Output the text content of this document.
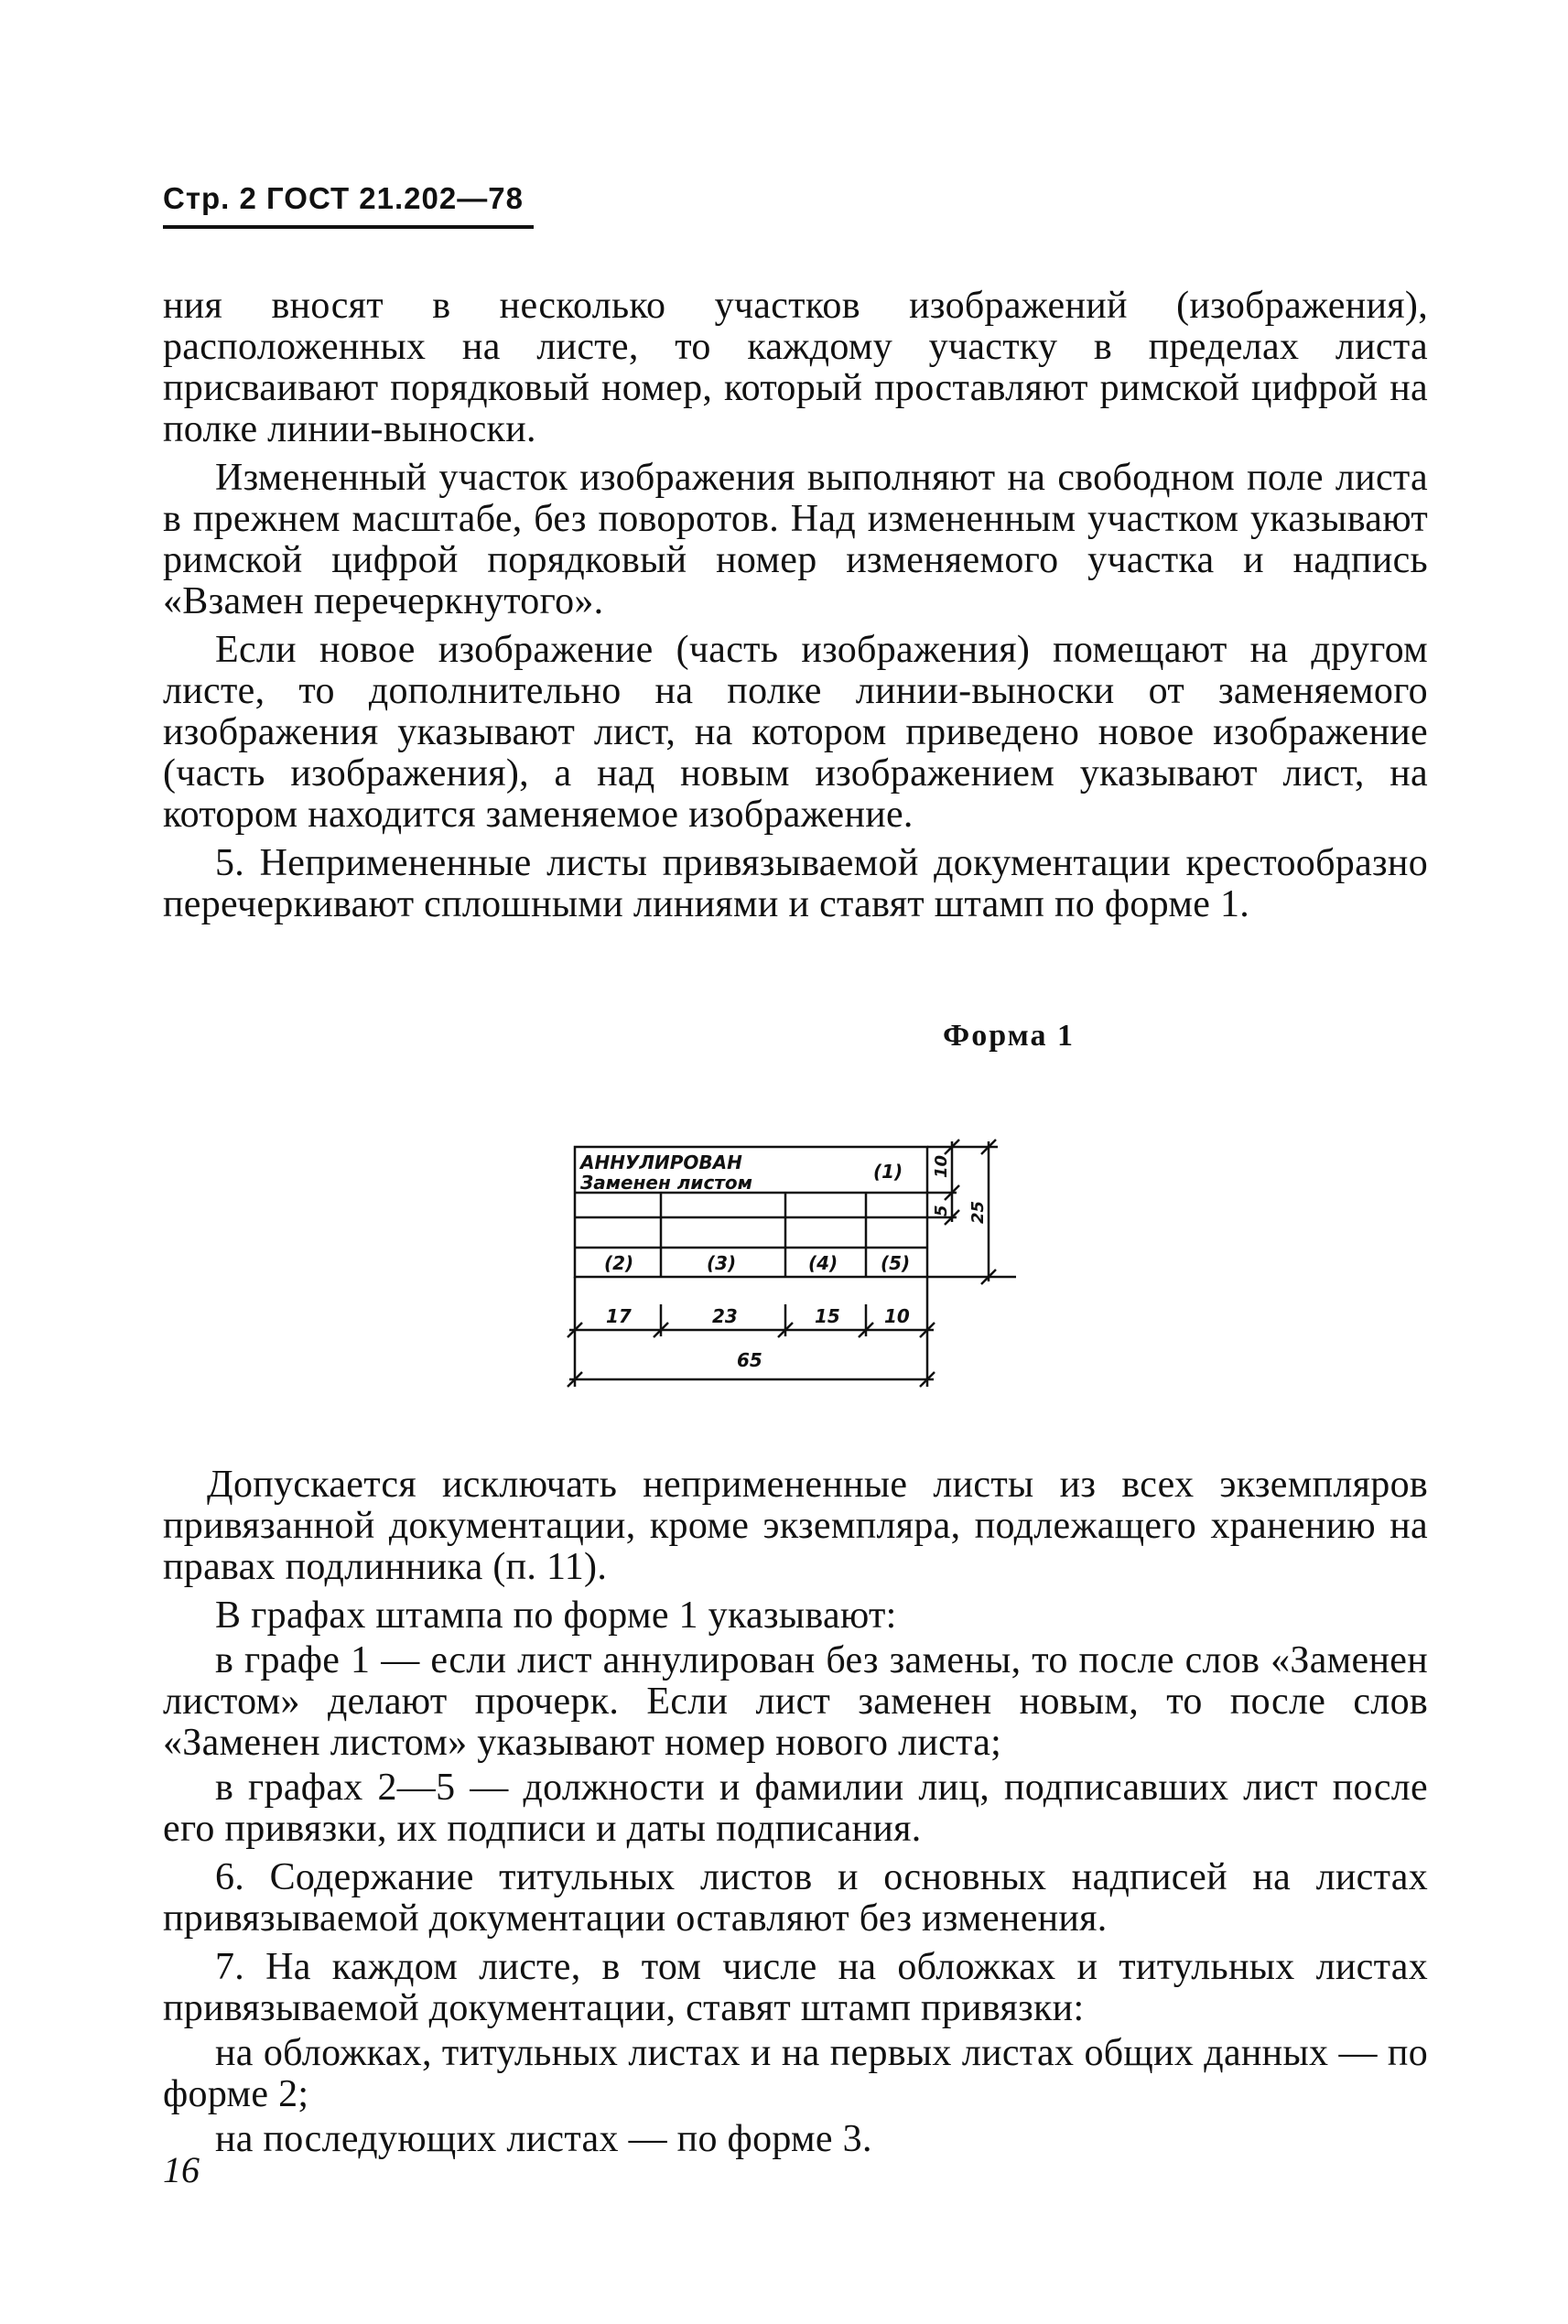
Стр. 2 ГОСТ 21.202—78

ния вносят в несколько участков изображений (изображения), расположенных на листе, то каждому участку в пределах листа присваивают порядковый номер, который проставляют римской цифрой на полке линии-выноски.

Измененный участок изображения выполняют на свободном поле листа в прежнем масштабе, без поворотов. Над измененным участком указывают римской цифрой порядковый номер изменяемого участка и надпись «Взамен перечеркнутого».

Если новое изображение (часть изображения) помещают на другом листе, то дополнительно на полке линии-выноски от заменяемого изображения указывают лист, на котором приведено новое изображение (часть изображения), а над новым изображением указывают лист, на котором находится заменяемое изображение.

5. Непримененные листы привязываемой документации крестообразно перечеркивают сплошными линиями и ставят штамп по форме 1.

Форма 1
АННУЛИРОВАН
Заменен листом	(1)
(2)	(3)	(4) (5)
17	23	15 10
65
5
10
25

Допускается исключать непримененные листы из всех экземпляров привязанной документации, кроме экземпляра, подлежащего хранению на правах подлинника (п. 11).

В графах штампа по форме 1 указывают:

в графе 1 — если лист аннулирован без замены, то после слов «Заменен листом» делают прочерк. Если лист заменен новым, то после слов «Заменен листом» указывают номер нового листа;

в графах 2—5 — должности и фамилии лиц, подписавших лист после его привязки, их подписи и даты подписания.

6. Содержание титульных листов и основных надписей на листах привязываемой документации оставляют без изменения.

7. На каждом листе, в том числе на обложках и титульных листах привязываемой документации, ставят штамп привязки:

на обложках, титульных листах и на первых листах общих данных — по форме 2;

на последующих листах — по форме 3.

16
